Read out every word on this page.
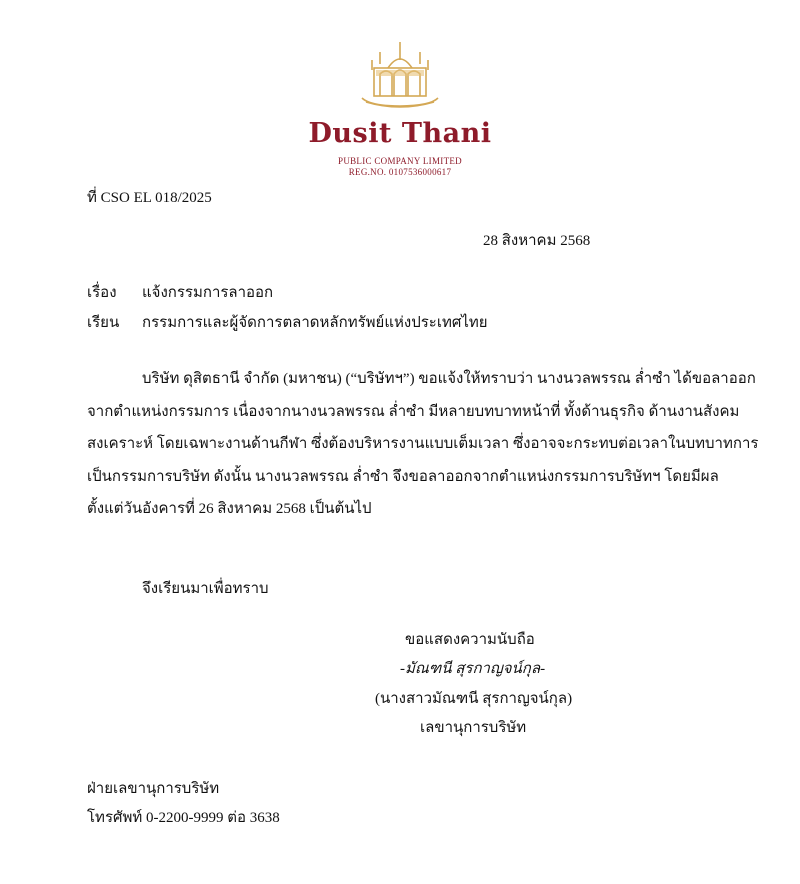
Dusit Thani
PUBLIC COMPANY LIMITED
REG.NO. 0107536000617
ที่ CSO EL 018/2025
28 สิงหาคม 2568
เรื่อง แจ้งกรรมการลาออก
เรียน กรรมการและผู้จัดการตลาดหลักทรัพย์แห่งประเทศไทย
บริษัท ดุสิตธานี จำกัด (มหาชน) (“บริษัทฯ”) ขอแจ้งให้ทราบว่า นางนวลพรรณ ล่ำซำ ได้ขอลาออก
จากตำแหน่งกรรมการ เนื่องจากนางนวลพรรณ ล่ำซำ มีหลายบทบาทหน้าที่ ทั้งด้านธุรกิจ ด้านงานสังคม
สงเคราะห์ โดยเฉพาะงานด้านกีฬา ซึ่งต้องบริหารงานแบบเต็มเวลา ซึ่งอาจจะกระทบต่อเวลาในบทบาทการ
เป็นกรรมการบริษัท ดังนั้น นางนวลพรรณ ล่ำซำ จึงขอลาออกจากตำแหน่งกรรมการบริษัทฯ โดยมีผล
ตั้งแต่วันอังคารที่ 26 สิงหาคม 2568 เป็นต้นไป
จึงเรียนมาเพื่อทราบ
ขอแสดงความนับถือ
-มัณฑนี สุรกาญจน์กุล-
(นางสาวมัณฑนี สุรกาญจน์กุล)
เลขานุการบริษัท
ฝ่ายเลขานุการบริษัท
โทรศัพท์ 0-2200-9999 ต่อ 3638
